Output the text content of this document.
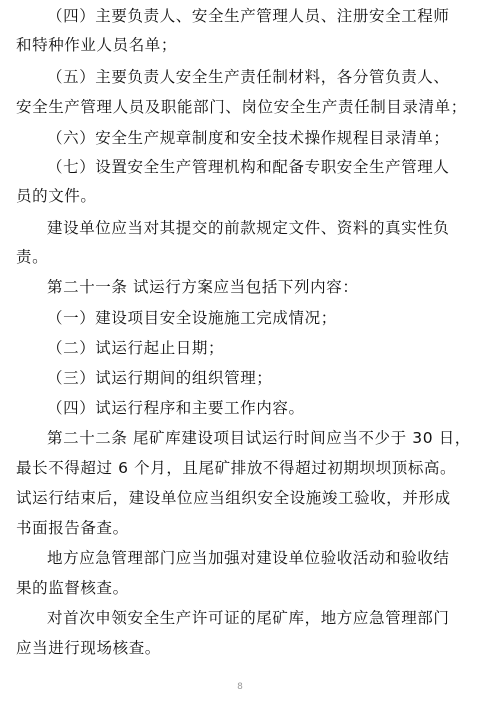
（四）主要负责人、安全生产管理人员、注册安全工程师
和特种作业人员名单；
（五）主要负责人安全生产责任制材料，各分管负责人、
安全生产管理人员及职能部门、岗位安全生产责任制目录清单；
（六）安全生产规章制度和安全技术操作规程目录清单；
（七）设置安全生产管理机构和配备专职安全生产管理人
员的文件。
建设单位应当对其提交的前款规定文件、资料的真实性负
责。
第二十一条 试运行方案应当包括下列内容：
（一）建设项目安全设施施工完成情况；
（二）试运行起止日期；
（三）试运行期间的组织管理；
（四）试运行程序和主要工作内容。
第二十二条 尾矿库建设项目试运行时间应当不少于 30 日，
最长不得超过 6 个月，且尾矿排放不得超过初期坝坝顶标高。
试运行结束后，建设单位应当组织安全设施竣工验收，并形成
书面报告备查。
地方应急管理部门应当加强对建设单位验收活动和验收结
果的监督核查。
对首次申领安全生产许可证的尾矿库，地方应急管理部门
应当进行现场核查。
8
